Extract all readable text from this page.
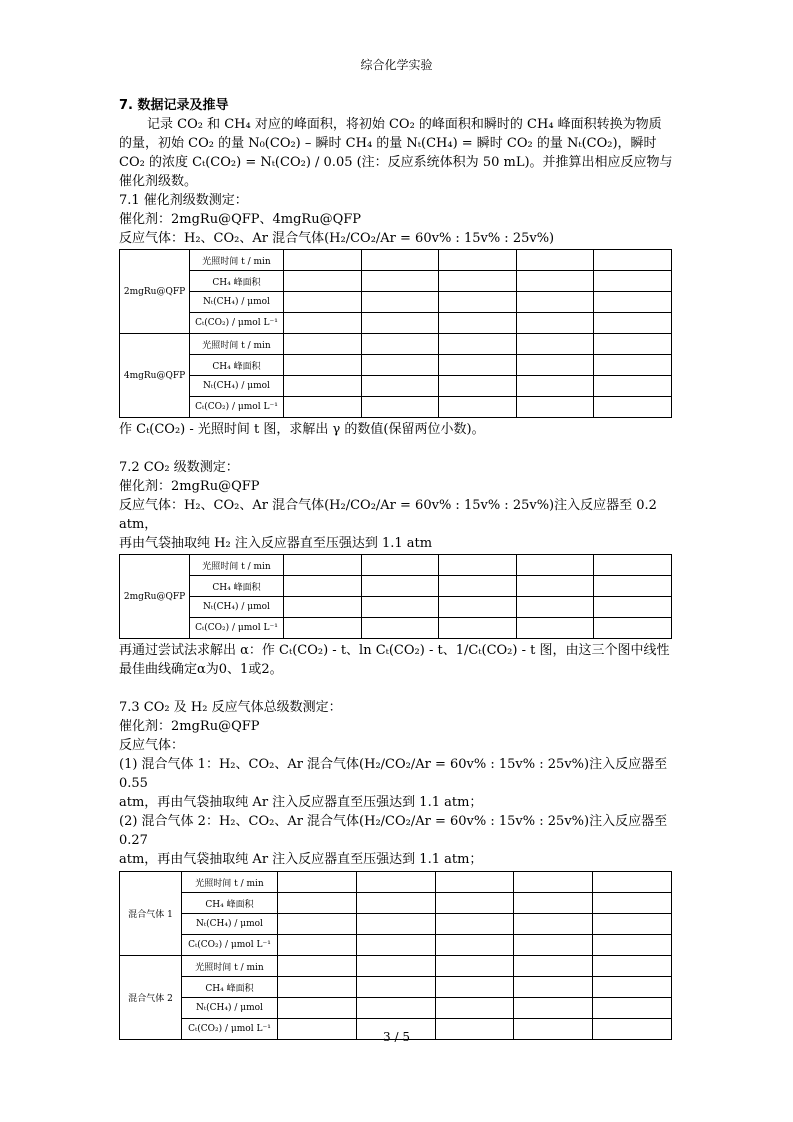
综合化学实验

7. 数据记录及推导

记录 CO₂ 和 CH₄ 对应的峰面积，将初始 CO₂ 的峰面积和瞬时的 CH₄ 峰面积转换为物质的量，初始 CO₂ 的量 N₀(CO₂) – 瞬时 CH₄ 的量 Nₜ(CH₄) = 瞬时 CO₂ 的量 Nₜ(CO₂)，瞬时 CO₂ 的浓度 Cₜ(CO₂) = Nₜ(CO₂) / 0.05 (注：反应系统体积为 50 mL)。并推算出相应反应物与催化剂级数。

7.1 催化剂级数测定：

催化剂：2mgRu@QFP、4mgRu@QFP

反应气体：H₂、CO₂、Ar 混合气体(H₂/CO₂/Ar = 60v% : 15v% : 25v%)

2mgRu@QFP	光照时间 t / min					
	CH₄ 峰面积					
	Nₜ(CH₄) / μmol					
	Cₜ(CO₂) / μmol L⁻¹					
4mgRu@QFP	光照时间 t / min					
	CH₄ 峰面积					
	Nₜ(CH₄) / μmol					
	Cₜ(CO₂) / μmol L⁻¹					

作 Cₜ(CO₂) - 光照时间 t 图，求解出 γ 的数值(保留两位小数)。

7.2 CO₂ 级数测定：

催化剂：2mgRu@QFP

反应气体：H₂、CO₂、Ar 混合气体(H₂/CO₂/Ar = 60v% : 15v% : 25v%)注入反应器至 0.2 atm，

再由气袋抽取纯 H₂ 注入反应器直至压强达到 1.1 atm

2mgRu@QFP	光照时间 t / min					
	CH₄ 峰面积					
	Nₜ(CH₄) / μmol					
	Cₜ(CO₂) / μmol L⁻¹					

再通过尝试法求解出 α：作 Cₜ(CO₂) - t、ln Cₜ(CO₂) - t、1/Cₜ(CO₂) - t 图，由这三个图中线性

最佳曲线确定α为0、1或2。

7.3 CO₂ 及 H₂ 反应气体总级数测定：

催化剂：2mgRu@QFP

反应气体：

(1) 混合气体 1：H₂、CO₂、Ar 混合气体(H₂/CO₂/Ar = 60v% : 15v% : 25v%)注入反应器至 0.55

atm，再由气袋抽取纯 Ar 注入反应器直至压强达到 1.1 atm；

(2) 混合气体 2：H₂、CO₂、Ar 混合气体(H₂/CO₂/Ar = 60v% : 15v% : 25v%)注入反应器至 0.27

atm，再由气袋抽取纯 Ar 注入反应器直至压强达到 1.1 atm；

混合气体 1	光照时间 t / min					
	CH₄ 峰面积					
	Nₜ(CH₄) / μmol					
	Cₜ(CO₂) / μmol L⁻¹					
混合气体 2	光照时间 t / min					
	CH₄ 峰面积					
	Nₜ(CH₄) / μmol					
	Cₜ(CO₂) / μmol L⁻¹					
3 / 5
